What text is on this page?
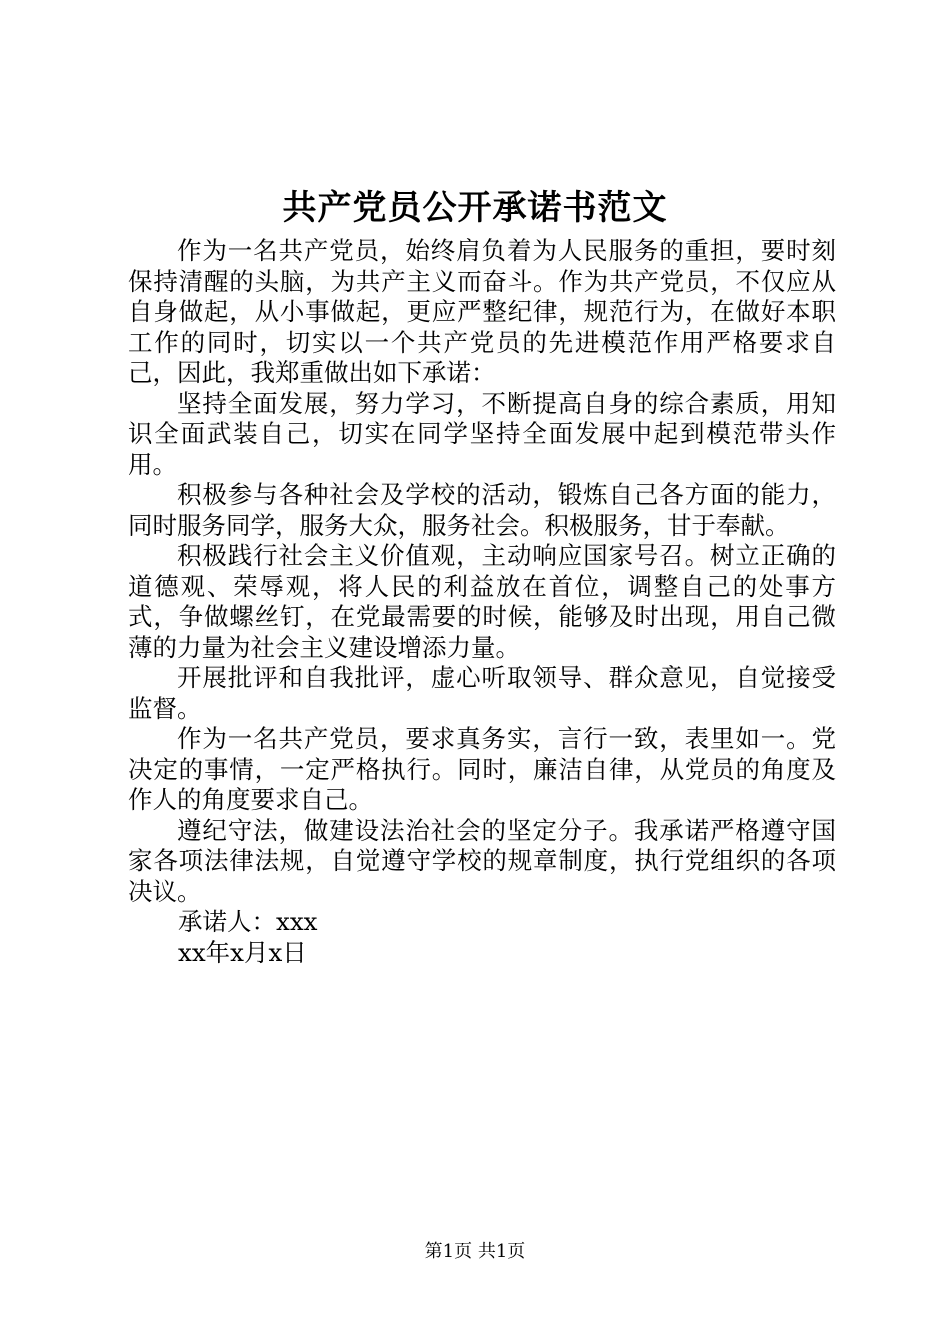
共产党员公开承诺书范文

作为一名共产党员，始终肩负着为人民服务的重担，要时刻保持清醒的头脑，为共产主义而奋斗。作为共产党员，不仅应从自身做起，从小事做起，更应严整纪律，规范行为，在做好本职工作的同时，切实以一个共产党员的先进模范作用严格要求自己，因此，我郑重做出如下承诺：

坚持全面发展，努力学习，不断提高自身的综合素质，用知识全面武装自己，切实在同学坚持全面发展中起到模范带头作用。

积极参与各种社会及学校的活动，锻炼自己各方面的能力，同时服务同学，服务大众，服务社会。积极服务，甘于奉献。

积极践行社会主义价值观，主动响应国家号召。树立正确的道德观、荣辱观，将人民的利益放在首位，调整自己的处事方式，争做螺丝钉，在党最需要的时候，能够及时出现，用自己微薄的力量为社会主义建设增添力量。

开展批评和自我批评，虚心听取领导、群众意见，自觉接受监督。

作为一名共产党员，要求真务实，言行一致，表里如一。党决定的事情，一定严格执行。同时，廉洁自律，从党员的角度及作人的角度要求自己。

遵纪守法，做建设法治社会的坚定分子。我承诺严格遵守国家各项法律法规，自觉遵守学校的规章制度，执行党组织的各项决议。

承诺人：xxx

xx年x月x日

第1页 共1页
